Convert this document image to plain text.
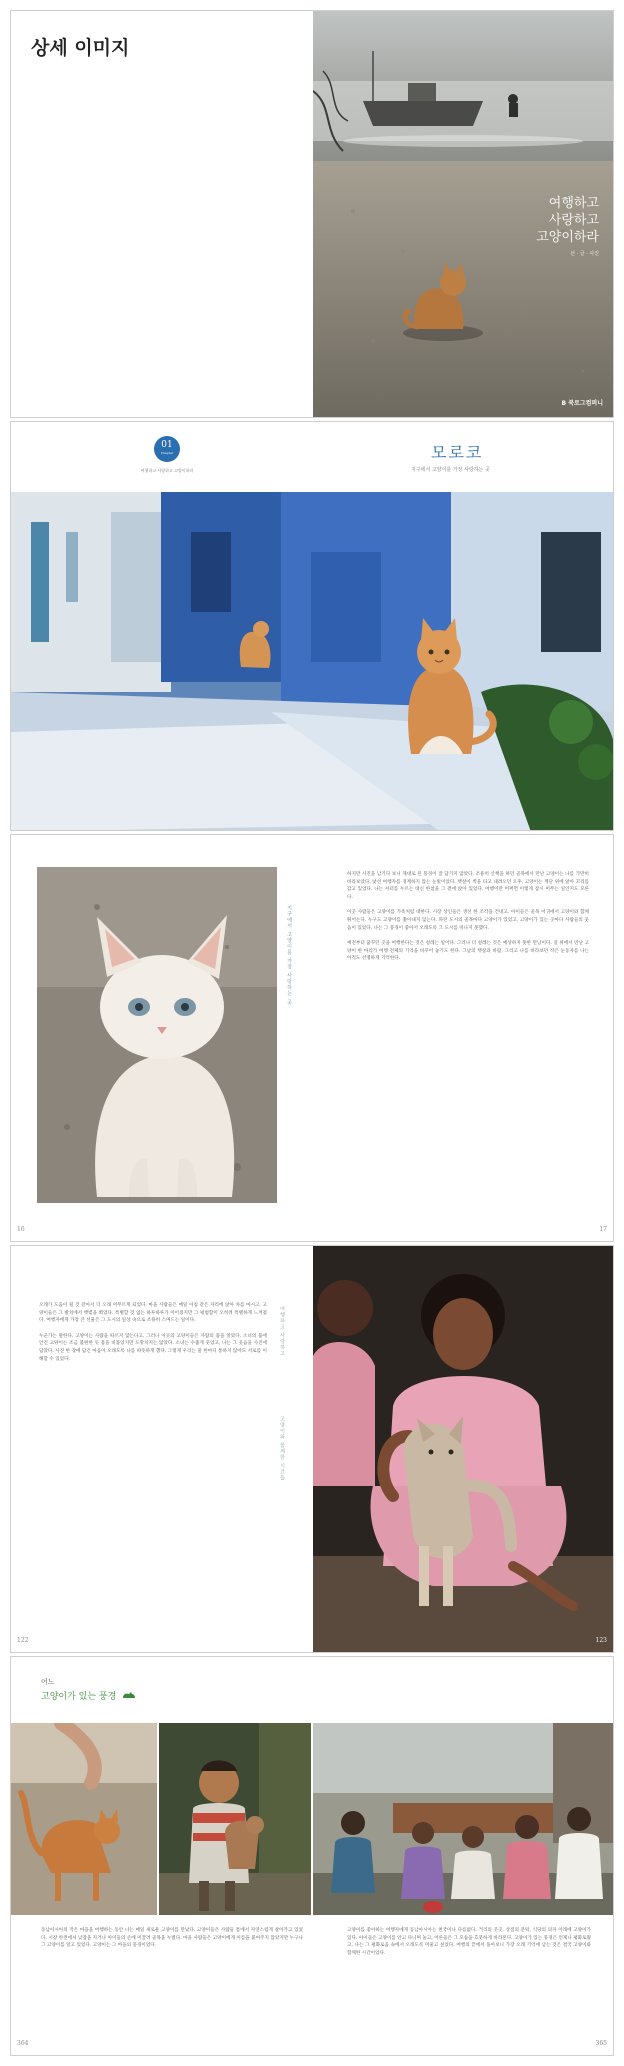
상세 이미지
여행하고
사랑하고
고양이하라
선 · 글 · 사진
B 북로그컴퍼니
01
Chapter
여행하고 사랑하고 고양이하라
모로코
지구에서 고양이를 가장 사랑하는 곳
지구에서 고양이를 가장 사랑하는 곳

하지만 사진을 남기다 보니 제대로 된 풍경이 잘 담기지 않았다. 조용히 산책을 하던 골목에서 만난 고양이는 나를 가만히 바라보았다. 낯선 여행자를 경계하지 않는 눈빛이었다. 햇살이 벽을 타고 내려오던 오후, 고양이는 계단 위에 앉아 꼬리를 감고 있었다. 나는 셔터를 누르는 대신 한참을 그 곁에 앉아 있었다. 여행이란 어쩌면 이렇게 잠시 머무는 일인지도 모른다.

이곳 사람들은 고양이를 가족처럼 대한다. 시장 상인들은 생선 한 조각을 건네고, 아이들은 골목 어귀에서 고양이와 함께 뛰어논다. 누구도 고양이를 쫓아내지 않는다. 파란 도시의 골목마다 고양이가 있었고, 고양이가 있는 곳마다 사람들의 웃음이 있었다. 나는 그 풍경이 좋아서 오래도록 그 도시를 떠나지 못했다.

예전부터 꿈꾸던 곳을 여행한다는 것은 설레는 일이다. 그러나 더 설레는 것은 예상하지 못한 만남이다. 길 위에서 만난 고양이 한 마리가 여행 전체의 기억을 바꾸어 놓기도 한다. 그날의 햇살과 바람, 그리고 나를 바라보던 작은 눈동자를 나는 아직도 선명하게 기억한다.

16	17

오래가 도움이 될 것 같아서 더 오래 머무르게 되었다. 마을 사람들은 매일 아침 같은 자리에 앉아 차를 마시고, 고양이들은 그 발치에서 햇볕을 쬐었다. 특별할 것 없는 하루하루가 이어졌지만 그 평범함이 오히려 특별하게 느껴졌다. 여행자에게 가장 큰 선물은 그 도시의 일상 속으로 조용히 스며드는 일이다.

누군가는 말한다. 고양이는 사람을 따르지 않는다고. 그러나 이곳의 고양이들은 사람의 품을 알았다. 소녀의 품에 안긴 고양이는 조금 불편한 듯 몸을 비틀었지만 도망치지는 않았다. 소녀는 수줍게 웃었고, 나는 그 웃음을 사진에 담았다. 사진 한 장에 담긴 마음이 오래도록 나를 따뜻하게 했다. 그렇게 우리는 말 한마디 통하지 않아도 서로를 이해할 수 있었다.

여행하고 사랑하고
고양이와 함께한 시간들
122	123
어느
고양이가 있는 풍경

동남아시아의 작은 마을을 여행하는 동안 나는 매일 새로운 고양이를 만났다. 고양이들은 사람들 틈에서 자연스럽게 살아가고 있었다. 시장 한켠에서 낮잠을 자거나 아이들의 손에 이끌려 골목을 누볐다. 마을 사람들은 고양이에게 이름을 붙여주지 않았지만 누구나 그 고양이를 알고 있었다. 고양이는 그 마을의 풍경이었다.

고양이를 좋아하는 여행자에게 동남아시아는 천국이나 다름없다. 거리의 곳곳, 상점의 문턱, 식당의 의자 아래에 고양이가 있다. 아이들은 고양이를 안고 다니며 놀고, 어른들은 그 모습을 흐뭇하게 바라본다. 고양이가 있는 풍경은 언제나 평화로웠고, 나는 그 평화로움 속에서 오래도록 머물고 싶었다. 여행의 끝에서 돌아보니 가장 오래 기억에 남는 것은 결국 고양이와 함께한 시간이었다.

364	365
